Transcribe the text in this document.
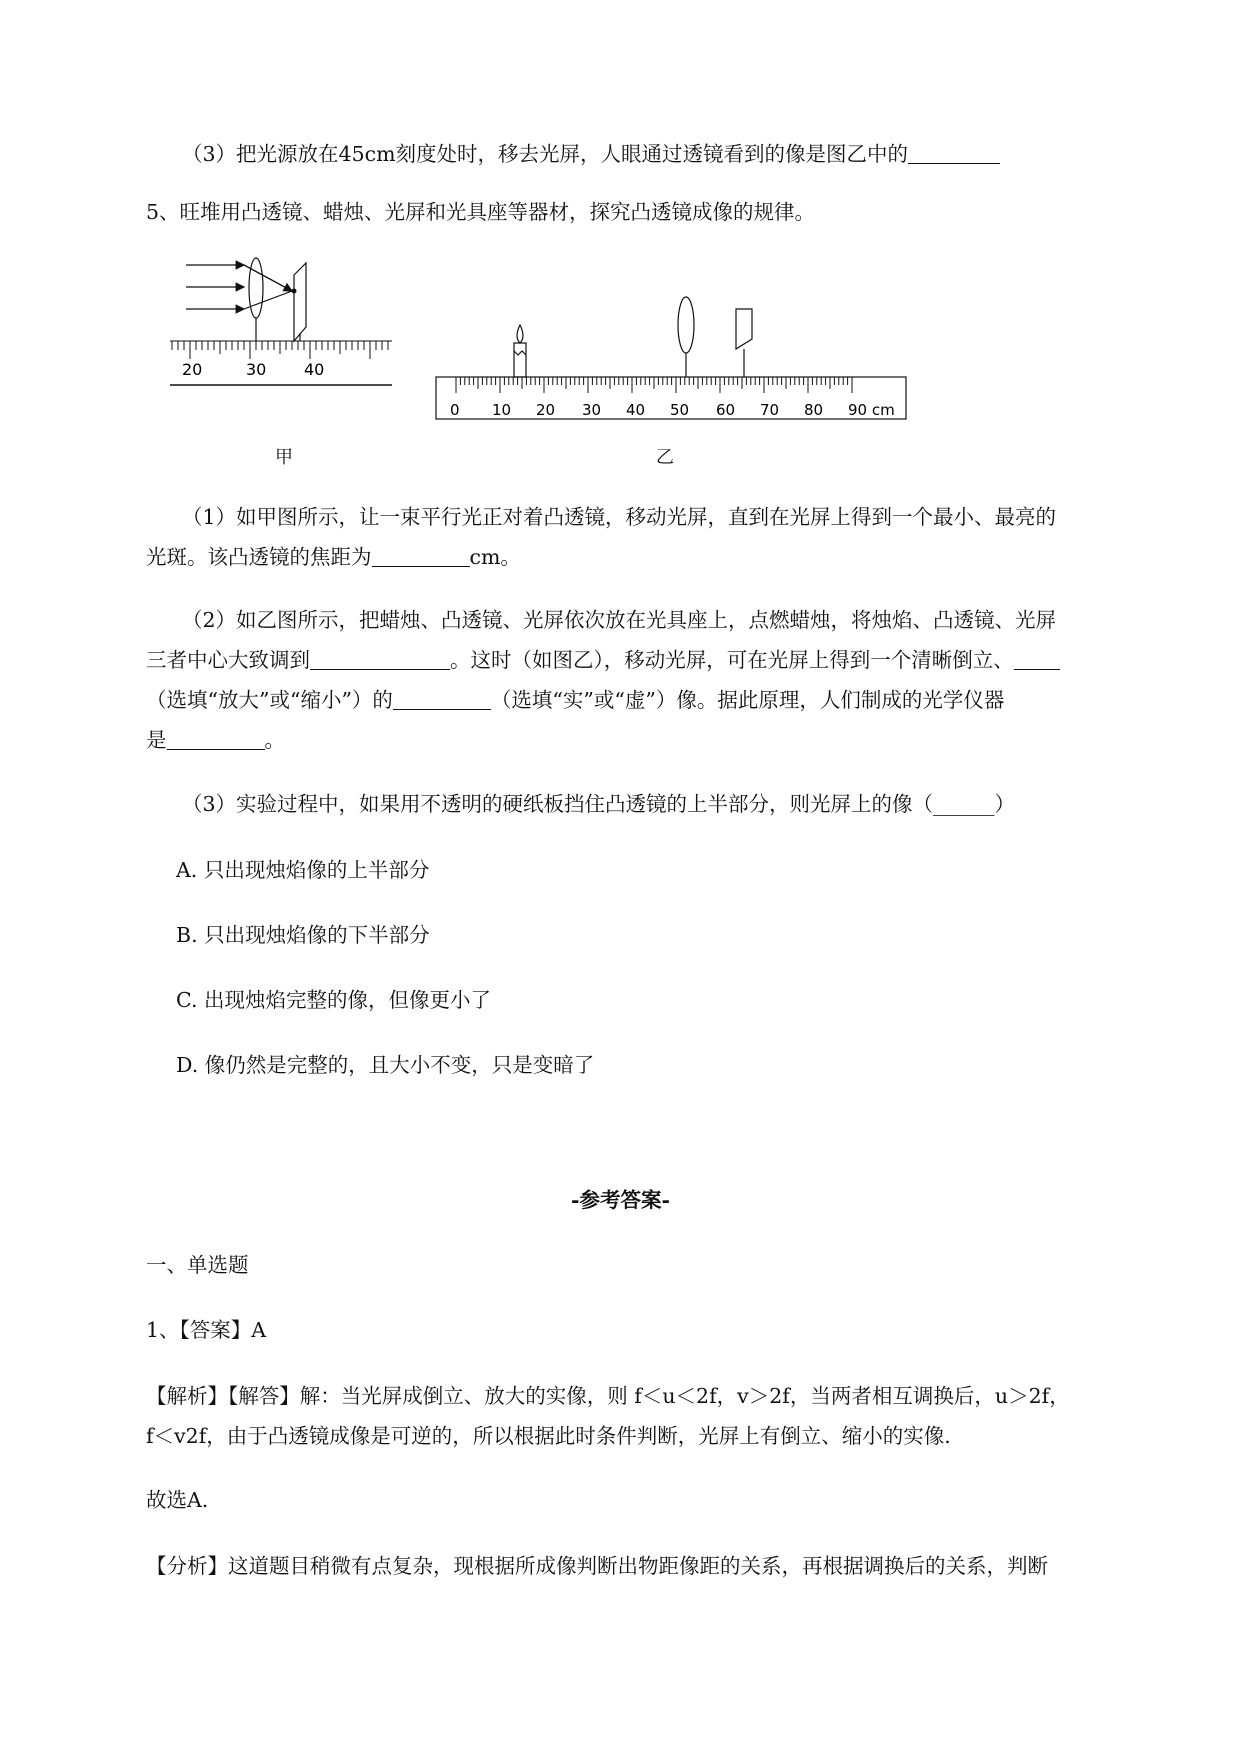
（3）把光源放在45cm刻度处时，移去光屏，人眼通过透镜看到的像是图乙中的
5、旺堆用凸透镜、蜡烛、光屏和光具座等器材，探究凸透镜成像的规律。
20	30 40
甲
0 10 20 30 40 50 60 70 80 90 cm
乙
（1）如甲图所示，让一束平行光正对着凸透镜，移动光屏，直到在光屏上得到一个最小、最亮的
光斑。该凸透镜的焦距为	cm。
（2）如乙图所示，把蜡烛、凸透镜、光屏依次放在光具座上，点燃蜡烛，将烛焰、凸透镜、光屏
三者中心大致调到	。这时（如图乙），移动光屏，可在光屏上得到一个清晰倒立、
（选填“放大”或“缩小”）的	（选填“实”或“虚”）像。据此原理，人们制成的光学仪器
是	。
（3）实验过程中，如果用不透明的硬纸板挡住凸透镜的上半部分，则光屏上的像（______）
A. 只出现烛焰像的上半部分
B. 只出现烛焰像的下半部分
C. 出现烛焰完整的像，但像更小了
D. 像仍然是完整的，且大小不变，只是变暗了
-参考答案-
一、单选题
1、【答案】A
【解析】【解答】解：当光屏成倒立、放大的实像，则 f＜u＜2f，v＞2f，当两者相互调换后，u＞2f，
f＜v2f，由于凸透镜成像是可逆的，所以根据此时条件判断，光屏上有倒立、缩小的实像.
故选A.
【分析】这道题目稍微有点复杂，现根据所成像判断出物距像距的关系，再根据调换后的关系，判断
